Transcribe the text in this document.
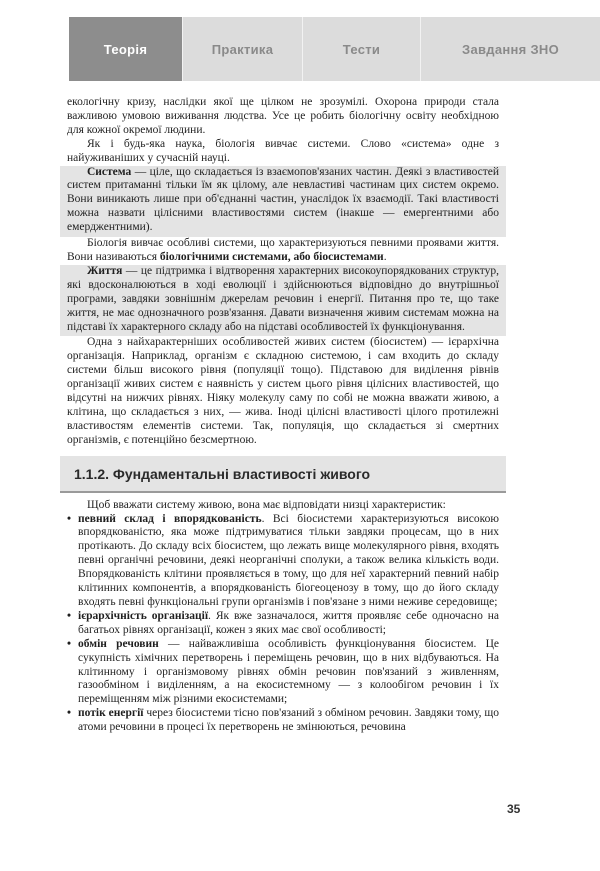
Теорія	Практика	Тести	Завдання ЗНО

екологічну кризу, наслідки якої ще цілком не зрозумілі. Охорона природи стала важливою умовою виживання людства. Усе це робить біологічну освіту необхідною для кожної окремої людини.

Як і будь-яка наука, біологія вивчає системи. Слово «система» одне з найуживаніших у сучасній науці.

Система — ціле, що складається із взаємопов'язаних частин. Деякі з властивостей систем притаманні тільки їм як цілому, але невластиві частинам цих систем окремо. Вони виникають лише при об'єднанні частин, унаслідок їх взаємодії. Такі властивості можна назвати цілісними властивостями систем (інакше — емергентними або емерджентними).

Біологія вивчає особливі системи, що характеризуються певними проявами життя. Вони називаються біологічними системами, або біосистемами.

Життя — це підтримка і відтворення характерних високоупорядкованих структур, які вдосконалюються в ході еволюції і здійснюються відповідно до внутрішньої програми, завдяки зовнішнім джерелам речовин і енергії. Питання про те, що таке життя, не має однозначного розв'язання. Давати визначення живим системам можна на підставі їх характерного складу або на підставі особливостей їх функціонування.

Одна з найхарактерніших особливостей живих систем (біосистем) — ієрархічна організація. Наприклад, організм є складною системою, і сам входить до складу системи більш високого рівня (популяції тощо). Підставою для виділення рівнів організації живих систем є наявність у систем цього рівня цілісних властивостей, що відсутні на нижчих рівнях. Ніяку молекулу саму по собі не можна вважати живою, а клітина, що складається з них, — жива. Іноді цілісні властивості цілого протилежні властивостям елементів системи. Так, популяція, що складається зі смертних організмів, є потенційно безсмертною.

1.1.2. Фундаментальні властивості живого

Щоб вважати систему живою, вона має відповідати низці характеристик:

• певний склад і впорядкованість. Всі біосистеми характеризуються високою впорядкованістю, яка може підтримуватися тільки завдяки процесам, що в них протікають. До складу всіх біосистем, що лежать вище молекулярного рівня, входять певні органічні речовини, деякі неорганічні сполуки, а також велика кількість води. Впорядкованість клітини проявляється в тому, що для неї характерний певний набір клітинних компонентів, а впорядкованість біогеоценозу в тому, що до його складу входять певні функціональні групи організмів і пов'язане з ними неживе середовище;
• ієрархічність організації. Як вже зазначалося, життя проявляє себе одночасно на багатьох рівнях організації, кожен з яких має свої особливості;
• обмін речовин — найважливіша особливість функціонування біосистем. Це сукупність хімічних перетворень і переміщень речовин, що в них відбуваються. На клітинному і організмовому рівнях обмін речовин пов'язаний з живленням, газообміном і виділенням, а на екосистемному — з колообігом речовин і їх переміщенням між різними екосистемами;
• потік енергії через біосистеми тісно пов'язаний з обміном речовин. Завдяки тому, що атоми речовини в процесі їх перетворень не змінюються, речовина
35
